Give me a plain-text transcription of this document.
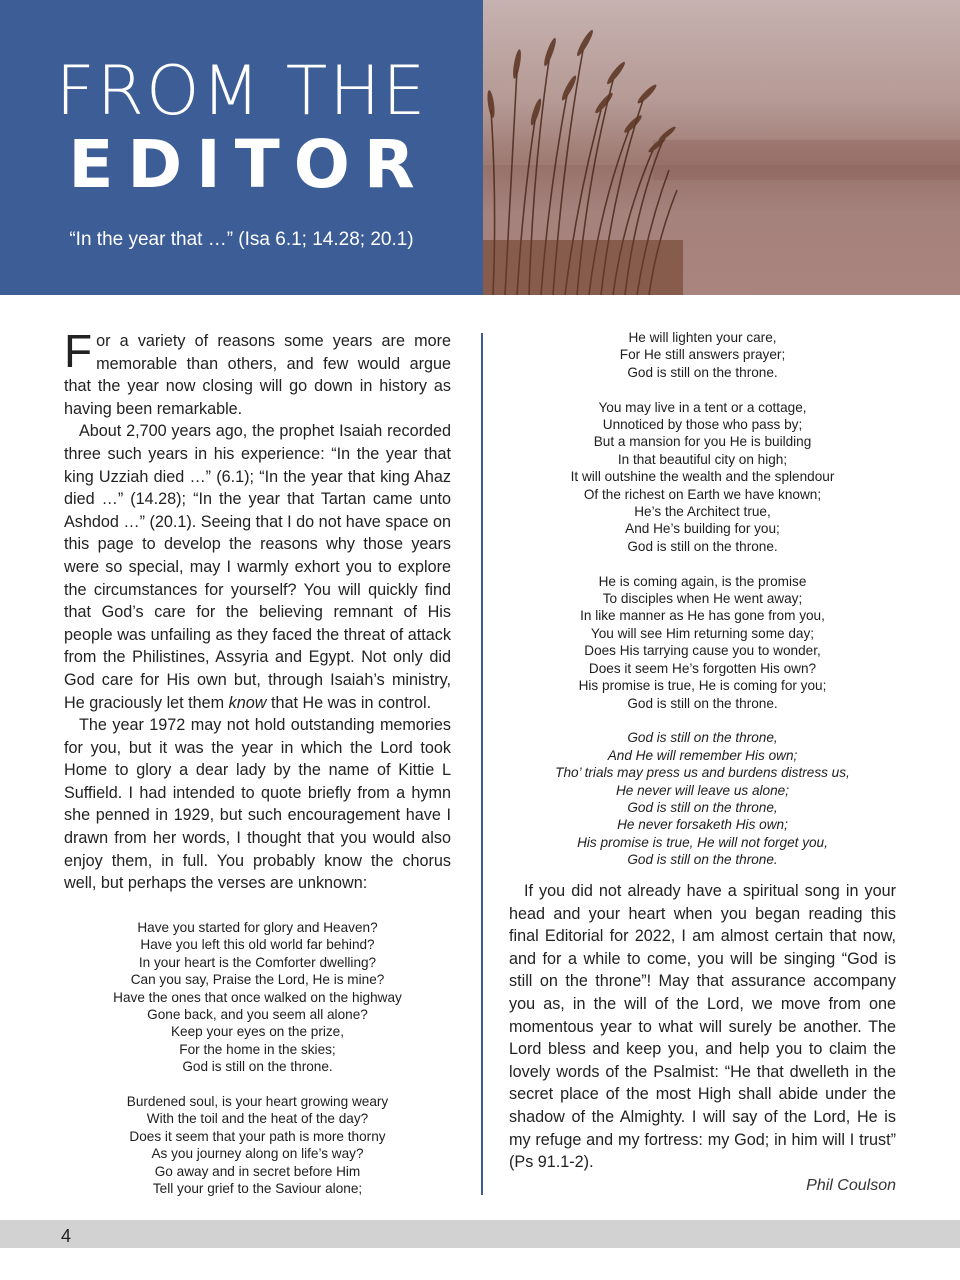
FROM THE
EDITOR
“In the year that …” (Isa 6.1; 14.28; 20.1)

For a variety of reasons some years are more memorable than others, and few would argue that the year now closing will go down in history as having been remarkable.

About 2,700 years ago, the prophet Isaiah recorded three such years in his experience: “In the year that king Uzziah died …” (6.1); “In the year that king Ahaz died …” (14.28); “In the year that Tartan came unto Ashdod …” (20.1). Seeing that I do not have space on this page to develop the reasons why those years were so special, may I warmly exhort you to explore the circumstances for yourself? You will quickly find that God’s care for the believing remnant of His people was unfailing as they faced the threat of attack from the Philistines, Assyria and Egypt. Not only did God care for His own but, through Isaiah’s ministry, He graciously let them know that He was in control.

The year 1972 may not hold outstanding memories for you, but it was the year in which the Lord took Home to glory a dear lady by the name of Kittie L Suffield. I had intended to quote briefly from a hymn she penned in 1929, but such encouragement have I drawn from her words, I thought that you would also enjoy them, in full. You probably know the chorus well, but perhaps the verses are unknown:

Have you started for glory and Heaven?
Have you left this old world far behind?
In your heart is the Comforter dwelling?
Can you say, Praise the Lord, He is mine?
Have the ones that once walked on the highway
Gone back, and you seem all alone?
Keep your eyes on the prize,
For the home in the skies;
God is still on the throne.
Burdened soul, is your heart growing weary
With the toil and the heat of the day?
Does it seem that your path is more thorny
As you journey along on life’s way?
Go away and in secret before Him
Tell your grief to the Saviour alone;
He will lighten your care,
For He still answers prayer;
God is still on the throne.
You may live in a tent or a cottage,
Unnoticed by those who pass by;
But a mansion for you He is building
In that beautiful city on high;
It will outshine the wealth and the splendour
Of the richest on Earth we have known;
He’s the Architect true,
And He’s building for you;
God is still on the throne.
He is coming again, is the promise
To disciples when He went away;
In like manner as He has gone from you,
You will see Him returning some day;
Does His tarrying cause you to wonder,
Does it seem He’s forgotten His own?
His promise is true, He is coming for you;
God is still on the throne.
God is still on the throne,
And He will remember His own;
Tho’ trials may press us and burdens distress us,
He never will leave us alone;
God is still on the throne,
He never forsaketh His own;
His promise is true, He will not forget you,
God is still on the throne.

If you did not already have a spiritual song in your head and your heart when you began reading this final Editorial for 2022, I am almost certain that now, and for a while to come, you will be singing “God is still on the throne”! May that assurance accompany you as, in the will of the Lord, we move from one momentous year to what will surely be another. The Lord bless and keep you, and help you to claim the lovely words of the Psalmist: “He that dwelleth in the secret place of the most High shall abide under the shadow of the Almighty. I will say of the Lord, He is my refuge and my fortress: my God; in him will I trust” (Ps 91.1-2).

Phil Coulson
4
